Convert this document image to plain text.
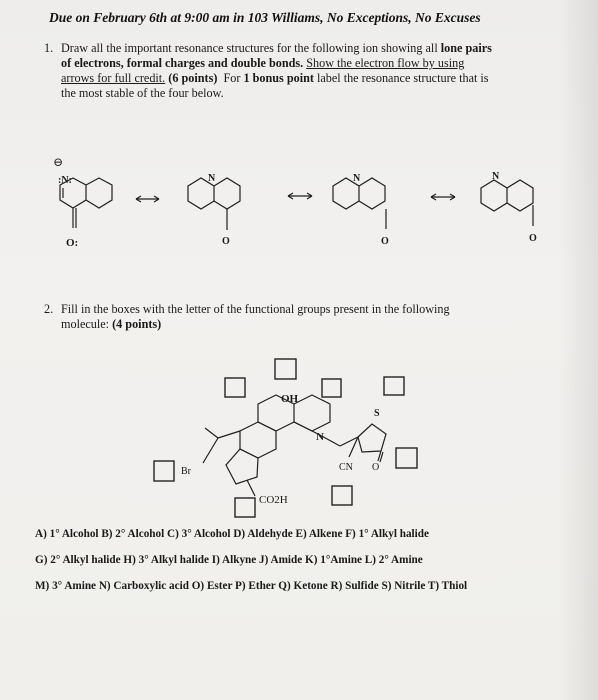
Due on February 6th at 9:00 am in 103 Williams, No Exceptions, No Excuses
1. Draw all the important resonance structures for the following ion showing all lone pairs
of electrons, formal charges and double bonds. Show the electron flow by using
arrows for full credit. (6 points) For 1 bonus point label the resonance structure that is
the most stable of the four below.
2. Fill in the boxes with the letter of the functional groups present in the following
molecule: (4 points)
⊖
:N:
O:
N
O
N
O
N
O
OH
S
N
Br	CN O
CO2H
A) 1° Alcohol B) 2° Alcohol C) 3° Alcohol D) Aldehyde E) Alkene F) 1° Alkyl halide
G) 2° Alkyl halide H) 3° Alkyl halide I) Alkyne J) Amide K) 1°Amine L) 2° Amine
M) 3° Amine N) Carboxylic acid O) Ester P) Ether Q) Ketone R) Sulfide S) Nitrile T) Thiol
